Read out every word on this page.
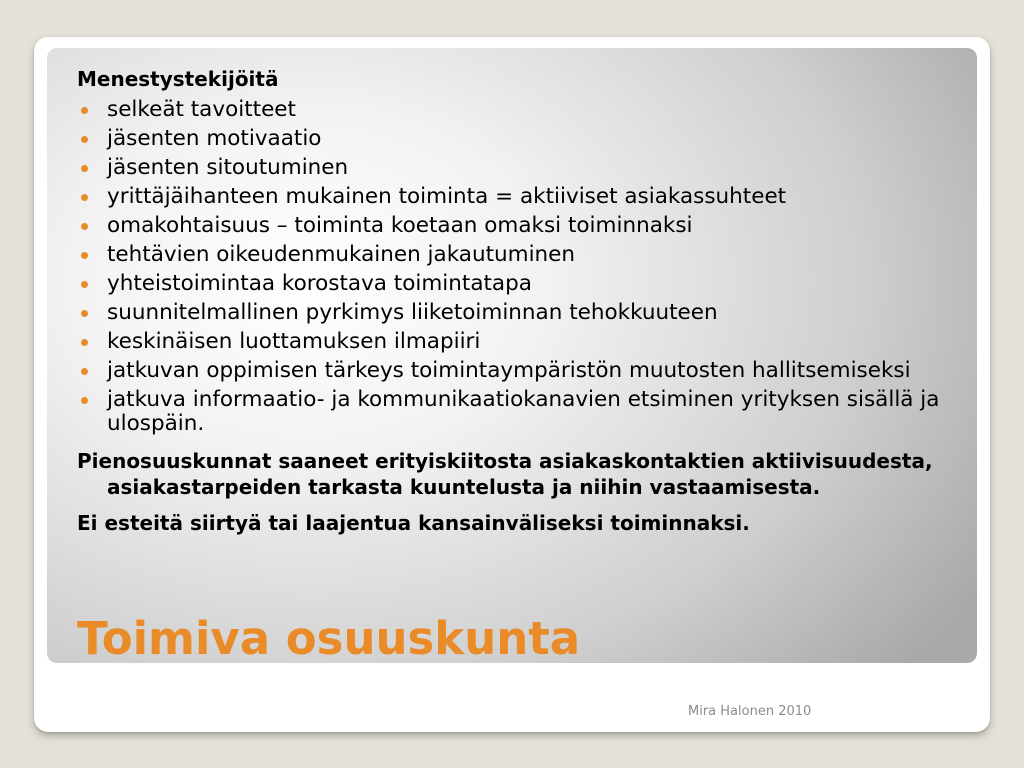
Menestystekijöitä
selkeät tavoitteet
jäsenten motivaatio
jäsenten sitoutuminen
yrittäjäihanteen mukainen toiminta = aktiiviset asiakassuhteet
omakohtaisuus – toiminta koetaan omaksi toiminnaksi
tehtävien oikeudenmukainen jakautuminen
yhteistoimintaa korostava toimintatapa
suunnitelmallinen pyrkimys liiketoiminnan tehokkuuteen
keskinäisen luottamuksen ilmapiiri
jatkuvan oppimisen tärkeys toimintaympäristön muutosten hallitsemiseksi
jatkuva informaatio- ja kommunikaatiokanavien etsiminen yrityksen sisällä ja ulospäin.
Pienosuuskunnat saaneet erityiskiitosta asiakaskontaktien aktiivisuudesta, asiakastarpeiden tarkasta kuuntelusta ja niihin vastaamisesta.
Ei esteitä siirtyä tai laajentua kansainväliseksi toiminnaksi.
Toimiva osuuskunta
Mira Halonen 2010
